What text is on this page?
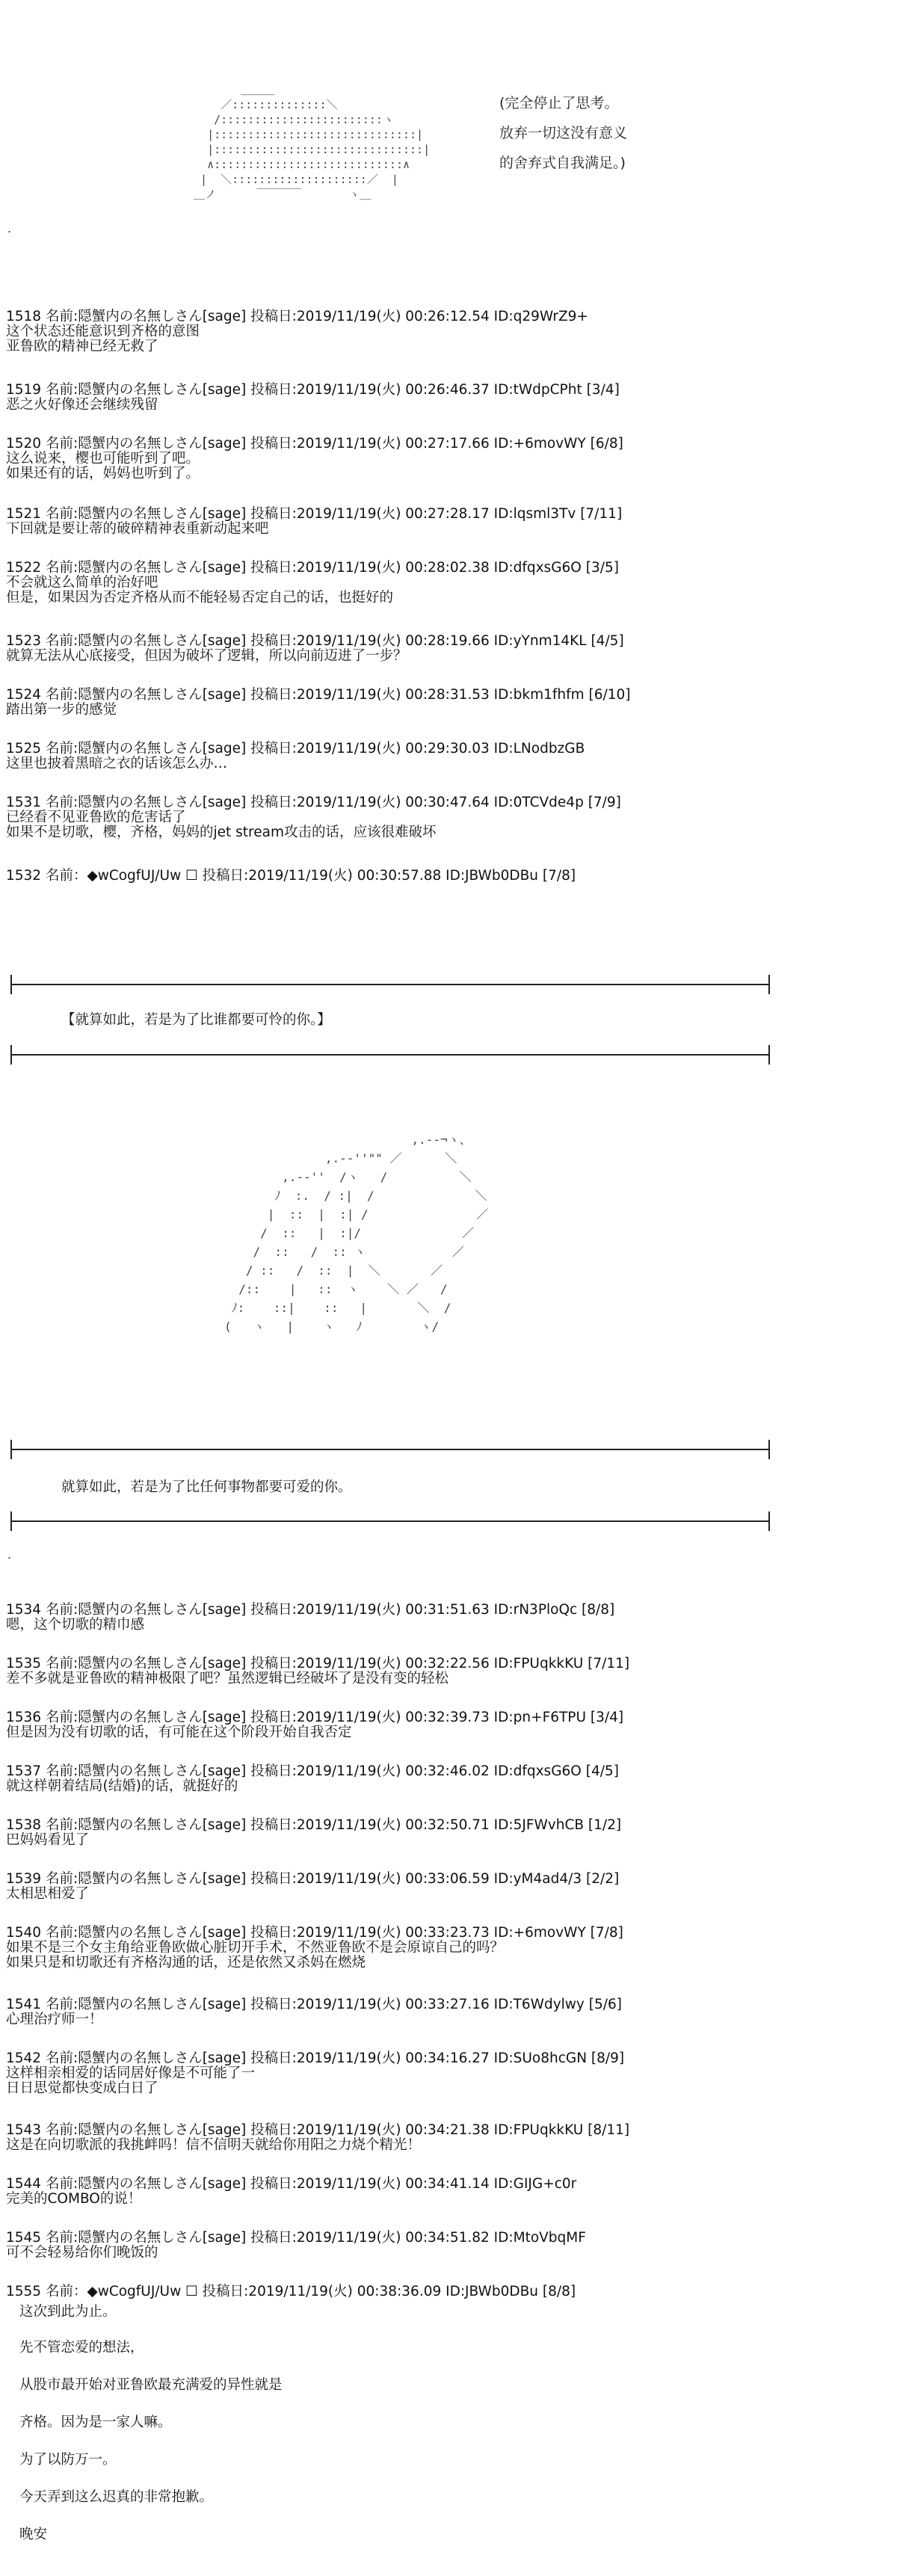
＿＿＿
／::::::::::::::＼
/::::::::::::::::::::::::ヽ
|::::::::::::::::::::::::::::::|
|:::::::::::::::::::::::::::::::|
∧::::::::::::::::::::::::::::∧
|  ＼::::::::::::::::::::／  |
＿ノ      ￣￣￣￣       ヽ＿
(完全停止了思考。
放弃一切这没有意义
的舍弃式自我满足。)
.
1518 名前:隠蟹内の名無しさん[sage] 投稿日:2019/11/19(火) 00:26:12.54 ID:q29WrZ9+
这个状态还能意识到齐格的意图
亚鲁欧的精神已经无救了
1519 名前:隠蟹内の名無しさん[sage] 投稿日:2019/11/19(火) 00:26:46.37 ID:tWdpCPht [3/4]
恶之火好像还会继续残留
1520 名前:隠蟹内の名無しさん[sage] 投稿日:2019/11/19(火) 00:27:17.66 ID:+6movWY [6/8]
这么说来，樱也可能听到了吧。
如果还有的话，妈妈也听到了。
1521 名前:隠蟹内の名無しさん[sage] 投稿日:2019/11/19(火) 00:27:28.17 ID:lqsml3Tv [7/11]
下回就是要让蒂的破碎精神表重新动起来吧
1522 名前:隠蟹内の名無しさん[sage] 投稿日:2019/11/19(火) 00:28:02.38 ID:dfqxsG6O [3/5]
不会就这么简单的治好吧
但是，如果因为否定齐格从而不能轻易否定自己的话，也挺好的
1523 名前:隠蟹内の名無しさん[sage] 投稿日:2019/11/19(火) 00:28:19.66 ID:yYnm14KL [4/5]
就算无法从心底接受，但因为破坏了逻辑，所以向前迈进了一步？
1524 名前:隠蟹内の名無しさん[sage] 投稿日:2019/11/19(火) 00:28:31.53 ID:bkm1fhfm [6/10]
踏出第一步的感觉
1525 名前:隠蟹内の名無しさん[sage] 投稿日:2019/11/19(火) 00:29:30.03 ID:LNodbzGB
这里也披着黑暗之衣的话该怎么办…
1531 名前:隠蟹内の名無しさん[sage] 投稿日:2019/11/19(火) 00:30:47.64 ID:0TCVde4p [7/9]
已经看不见亚鲁欧的危害话了
如果不是切歌，樱，齐格，妈妈的jet stream攻击的话，应该很难破坏
1532 名前：◆wCogfUJ/Uw ☐ 投稿日:2019/11/19(火) 00:30:57.88 ID:JBWb0DBu [7/8]
【就算如此，若是为了比谁都要可怜的你。】
,.-‐¬ヽ、
,.-‐''"" ／      ＼
,.-‐''  /ヽ   /          ＼
ﾉ  :.  / :|  /              ＼
|  ::  |  :| /               ／
/  ::   |  :|/              ／
/  ::   /  :: ヽ            ／
/ ::   /  ::  |  ＼       ／
/::    |   ::  ヽ    ＼ ／   /
ﾉ:    ::|    ::   |       ＼  /
(   ヽ   |    ヽ   ﾉ        ヽ/
就算如此，若是为了比任何事物都要可爱的你。
.
1534 名前:隠蟹内の名無しさん[sage] 投稿日:2019/11/19(火) 00:31:51.63 ID:rN3PloQc [8/8]
嗯，这个切歌的精巾感
1535 名前:隠蟹内の名無しさん[sage] 投稿日:2019/11/19(火) 00:32:22.56 ID:FPUqkkKU [7/11]
差不多就是亚鲁欧的精神极限了吧？虽然逻辑已经破坏了是没有变的轻松
1536 名前:隠蟹内の名無しさん[sage] 投稿日:2019/11/19(火) 00:32:39.73 ID:pn+F6TPU [3/4]
但是因为没有切歌的话，有可能在这个阶段开始自我否定
1537 名前:隠蟹内の名無しさん[sage] 投稿日:2019/11/19(火) 00:32:46.02 ID:dfqxsG6O [4/5]
就这样朝着结局(结婚)的话，就挺好的
1538 名前:隠蟹内の名無しさん[sage] 投稿日:2019/11/19(火) 00:32:50.71 ID:5JFWvhCB [1/2]
巴妈妈看见了
1539 名前:隠蟹内の名無しさん[sage] 投稿日:2019/11/19(火) 00:33:06.59 ID:yM4ad4/3 [2/2]
太相思相爱了
1540 名前:隠蟹内の名無しさん[sage] 投稿日:2019/11/19(火) 00:33:23.73 ID:+6movWY [7/8]
如果不是三个女主角给亚鲁欧做心脏切开手术，不然亚鲁欧不是会原谅自己的吗？
如果只是和切歌还有齐格沟通的话，还是依然又杀妈在燃烧
1541 名前:隠蟹内の名無しさん[sage] 投稿日:2019/11/19(火) 00:33:27.16 ID:T6Wdylwy [5/6]
心理治疗师一！
1542 名前:隠蟹内の名無しさん[sage] 投稿日:2019/11/19(火) 00:34:16.27 ID:SUo8hcGN [8/9]
这样相亲相爱的话同居好像是不可能了一
日日思觉都快变成白日了
1543 名前:隠蟹内の名無しさん[sage] 投稿日:2019/11/19(火) 00:34:21.38 ID:FPUqkkKU [8/11]
这是在向切歌派的我挑衅吗！信不信明天就给你用阳之力烧个精光！
1544 名前:隠蟹内の名無しさん[sage] 投稿日:2019/11/19(火) 00:34:41.14 ID:GIJG+c0r
完美的COMBO的说！
1545 名前:隠蟹内の名無しさん[sage] 投稿日:2019/11/19(火) 00:34:51.82 ID:MtoVbqMF
可不会轻易给你们晚饭的
1555 名前：◆wCogfUJ/Uw ☐ 投稿日:2019/11/19(火) 00:38:36.09 ID:JBWb0DBu [8/8]
这次到此为止。
先不管恋爱的想法，
从股市最开始对亚鲁欧最充满爱的异性就是
齐格。因为是一家人嘛。
为了以防万一。
今天弄到这么迟真的非常抱歉。
晚安
